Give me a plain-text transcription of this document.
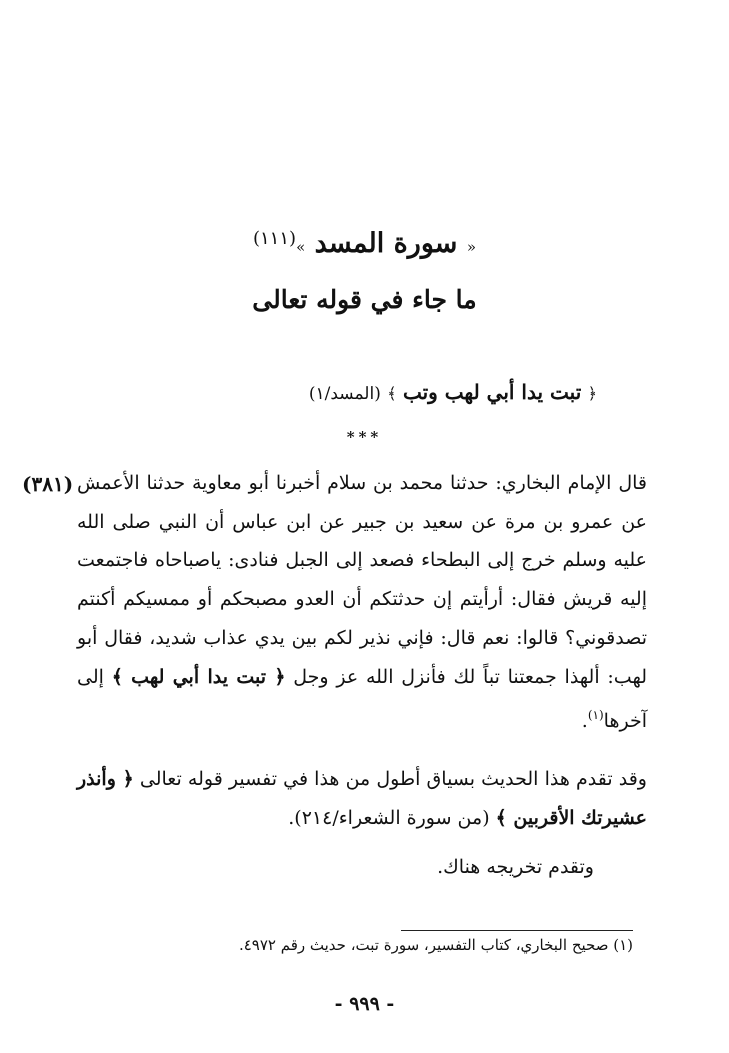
« سورة المسد »$^{(١١١)}$
ما جاء في قوله تعالى
﴿ تبت يدا أبي لهب وتب ﴾ (المسد/١)
***
(٣٨١) قال الإمام البخاري: حدثنا محمد بن سلام أخبرنا أبو معاوية حدثنا الأعمش عن عمرو بن مرة عن سعيد بن جبير عن ابن عباس أن النبي صلى الله عليه وسلم خرج إلى البطحاء فصعد إلى الجبل فنادى: ياصباحاه فاجتمعت إليه قريش فقال: أرأيتم إن حدثتكم أن العدو مصبحكم أو ممسيكم أكنتم تصدقوني؟ قالوا: نعم قال: فإني نذير لكم بين يدي عذاب شديد، فقال أبو لهب: ألهذا جمعتنا تباً لك فأنزل الله عز وجل ﴿ تبت يدا أبي لهب ﴾ إلى آخرها$^{(١)}$.

وقد تقدم هذا الحديث بسياق أطول من هذا في تفسير قوله تعالى ﴿ وأنذر عشيرتك الأقربين ﴾ (من سورة الشعراء/٢١٤).

وتقدم تخريجه هناك.

(١) صحيح البخاري، كتاب التفسير، سورة تبت، حديث رقم ٤٩٧٢.
- ٩٩٩ -
